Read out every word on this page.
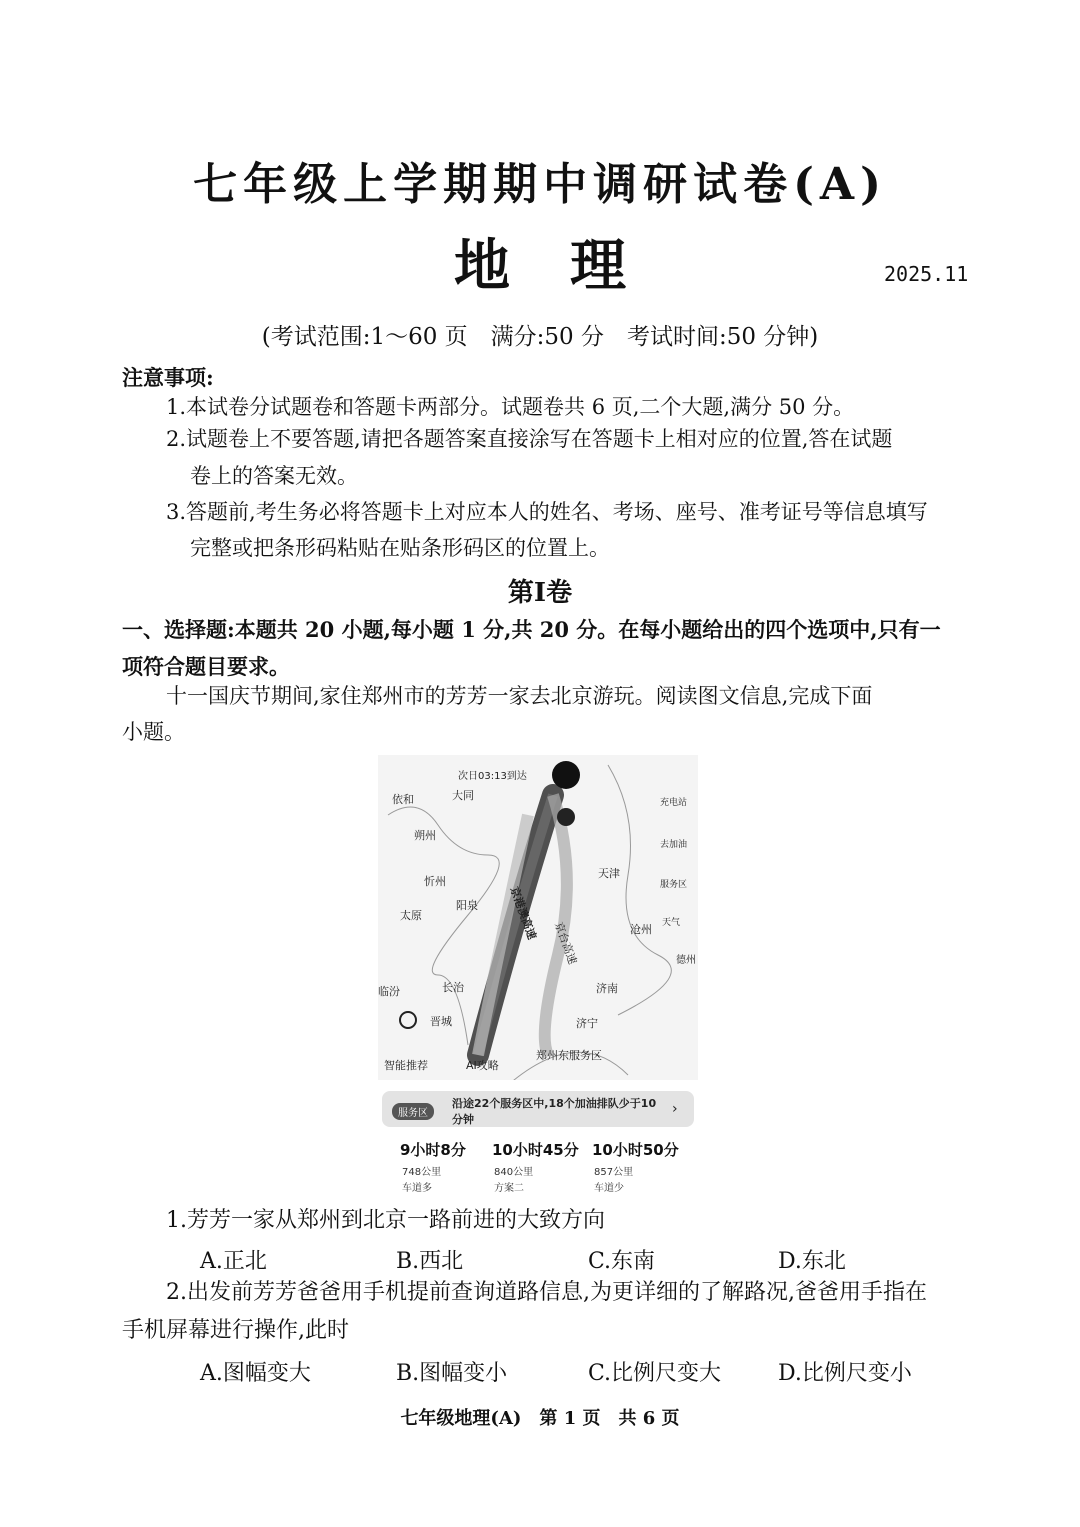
七年级上学期期中调研试卷(A)
地理	2025.11
(考试范围:1～60 页　满分:50 分　考试时间:50 分钟)
注意事项:
1.本试卷分试题卷和答题卡两部分。试题卷共 6 页,二个大题,满分 50 分。
2.试题卷上不要答题,请把各题答案直接涂写在答题卡上相对应的位置,答在试题
卷上的答案无效。
3.答题前,考生务必将答题卡上对应本人的姓名、考场、座号、准考证号等信息填写
完整或把条形码粘贴在贴条形码区的位置上。
第Ⅰ卷
一、选择题:本题共 20 小题,每小题 1 分,共 20 分。在每小题给出的四个选项中,只有一
项符合题目要求。
十一国庆节期间,家住郑州市的芳芳一家去北京游玩。阅读图文信息,完成下面
小题。
次日03:13到达
依和	大同
朔州
忻州
太原
阳泉
天津
沧州
济南
长治
临汾
晋城	济宁
德州
京港澳高速
京台高速
充电站
去加油
服务区
天气
智能推荐	AI攻略
郑州东服务区
服务区
沿途22个服务区中,18个加油排队少于10分钟
›
9小时8分
748公里
车道多
10小时45分
840公里
方案二
10小时50分
857公里
车道少
1.芳芳一家从郑州到北京一路前进的大致方向
A.正北	B.西北	C.东南	D.东北
2.出发前芳芳爸爸用手机提前查询道路信息,为更详细的了解路况,爸爸用手指在
手机屏幕进行操作,此时
A.图幅变大	B.图幅变小	C.比例尺变大	D.比例尺变小
七年级地理(A)　第 1 页　共 6 页
